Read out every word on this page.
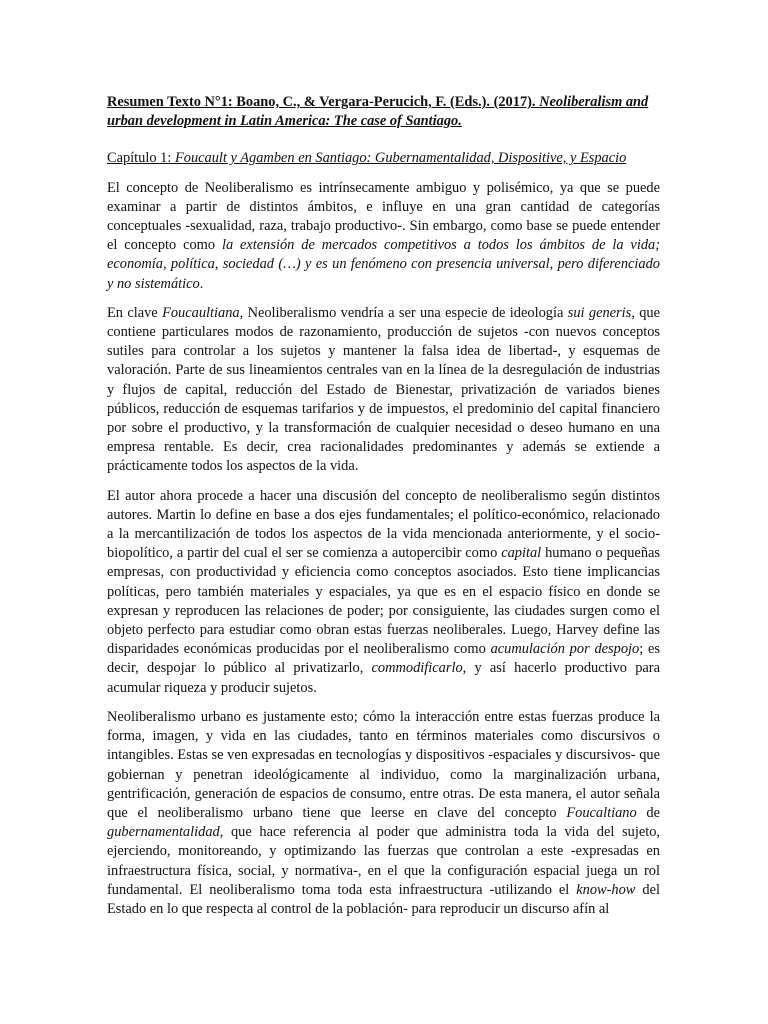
Resumen Texto N°1: Boano, C., & Vergara-Perucich, F. (Eds.). (2017). Neoliberalism and urban development in Latin America: The case of Santiago.

Capítulo 1: Foucault y Agamben en Santiago: Gubernamentalidad, Dispositive, y Espacio

El concepto de Neoliberalismo es intrínsecamente ambiguo y polisémico, ya que se puede examinar a partir de distintos ámbitos, e influye en una gran cantidad de categorías conceptuales -sexualidad, raza, trabajo productivo-. Sin embargo, como base se puede entender el concepto como la extensión de mercados competitivos a todos los ámbitos de la vida; economía, política, sociedad (…) y es un fenómeno con presencia universal, pero diferenciado y no sistemático.

En clave Foucaultiana, Neoliberalismo vendría a ser una especie de ideología sui generis, que contiene particulares modos de razonamiento, producción de sujetos -con nuevos conceptos sutiles para controlar a los sujetos y mantener la falsa idea de libertad-, y esquemas de valoración. Parte de sus lineamientos centrales van en la línea de la desregulación de industrias y flujos de capital, reducción del Estado de Bienestar, privatización de variados bienes públicos, reducción de esquemas tarifarios y de impuestos, el predominio del capital financiero por sobre el productivo, y la transformación de cualquier necesidad o deseo humano en una empresa rentable. Es decir, crea racionalidades predominantes y además se extiende a prácticamente todos los aspectos de la vida.

El autor ahora procede a hacer una discusión del concepto de neoliberalismo según distintos autores. Martin lo define en base a dos ejes fundamentales; el político-económico, relacionado a la mercantilización de todos los aspectos de la vida mencionada anteriormente, y el socio-biopolítico, a partir del cual el ser se comienza a autopercibir como capital humano o pequeñas empresas, con productividad y eficiencia como conceptos asociados. Esto tiene implicancias políticas, pero también materiales y espaciales, ya que es en el espacio físico en donde se expresan y reproducen las relaciones de poder; por consiguiente, las ciudades surgen como el objeto perfecto para estudiar como obran estas fuerzas neoliberales. Luego, Harvey define las disparidades económicas producidas por el neoliberalismo como acumulación por despojo; es decir, despojar lo público al privatizarlo, commodificarlo, y así hacerlo productivo para acumular riqueza y producir sujetos.

Neoliberalismo urbano es justamente esto; cómo la interacción entre estas fuerzas produce la forma, imagen, y vida en las ciudades, tanto en términos materiales como discursivos o intangibles. Estas se ven expresadas en tecnologías y dispositivos -espaciales y discursivos- que gobiernan y penetran ideológicamente al individuo, como la marginalización urbana, gentrificación, generación de espacios de consumo, entre otras. De esta manera, el autor señala que el neoliberalismo urbano tiene que leerse en clave del concepto Foucaltiano de gubernamentalidad, que hace referencia al poder que administra toda la vida del sujeto, ejerciendo, monitoreando, y optimizando las fuerzas que controlan a este -expresadas en infraestructura física, social, y normativa-, en el que la configuración espacial juega un rol fundamental. El neoliberalismo toma toda esta infraestructura -utilizando el know-how del Estado en lo que respecta al control de la población- para reproducir un discurso afín al
